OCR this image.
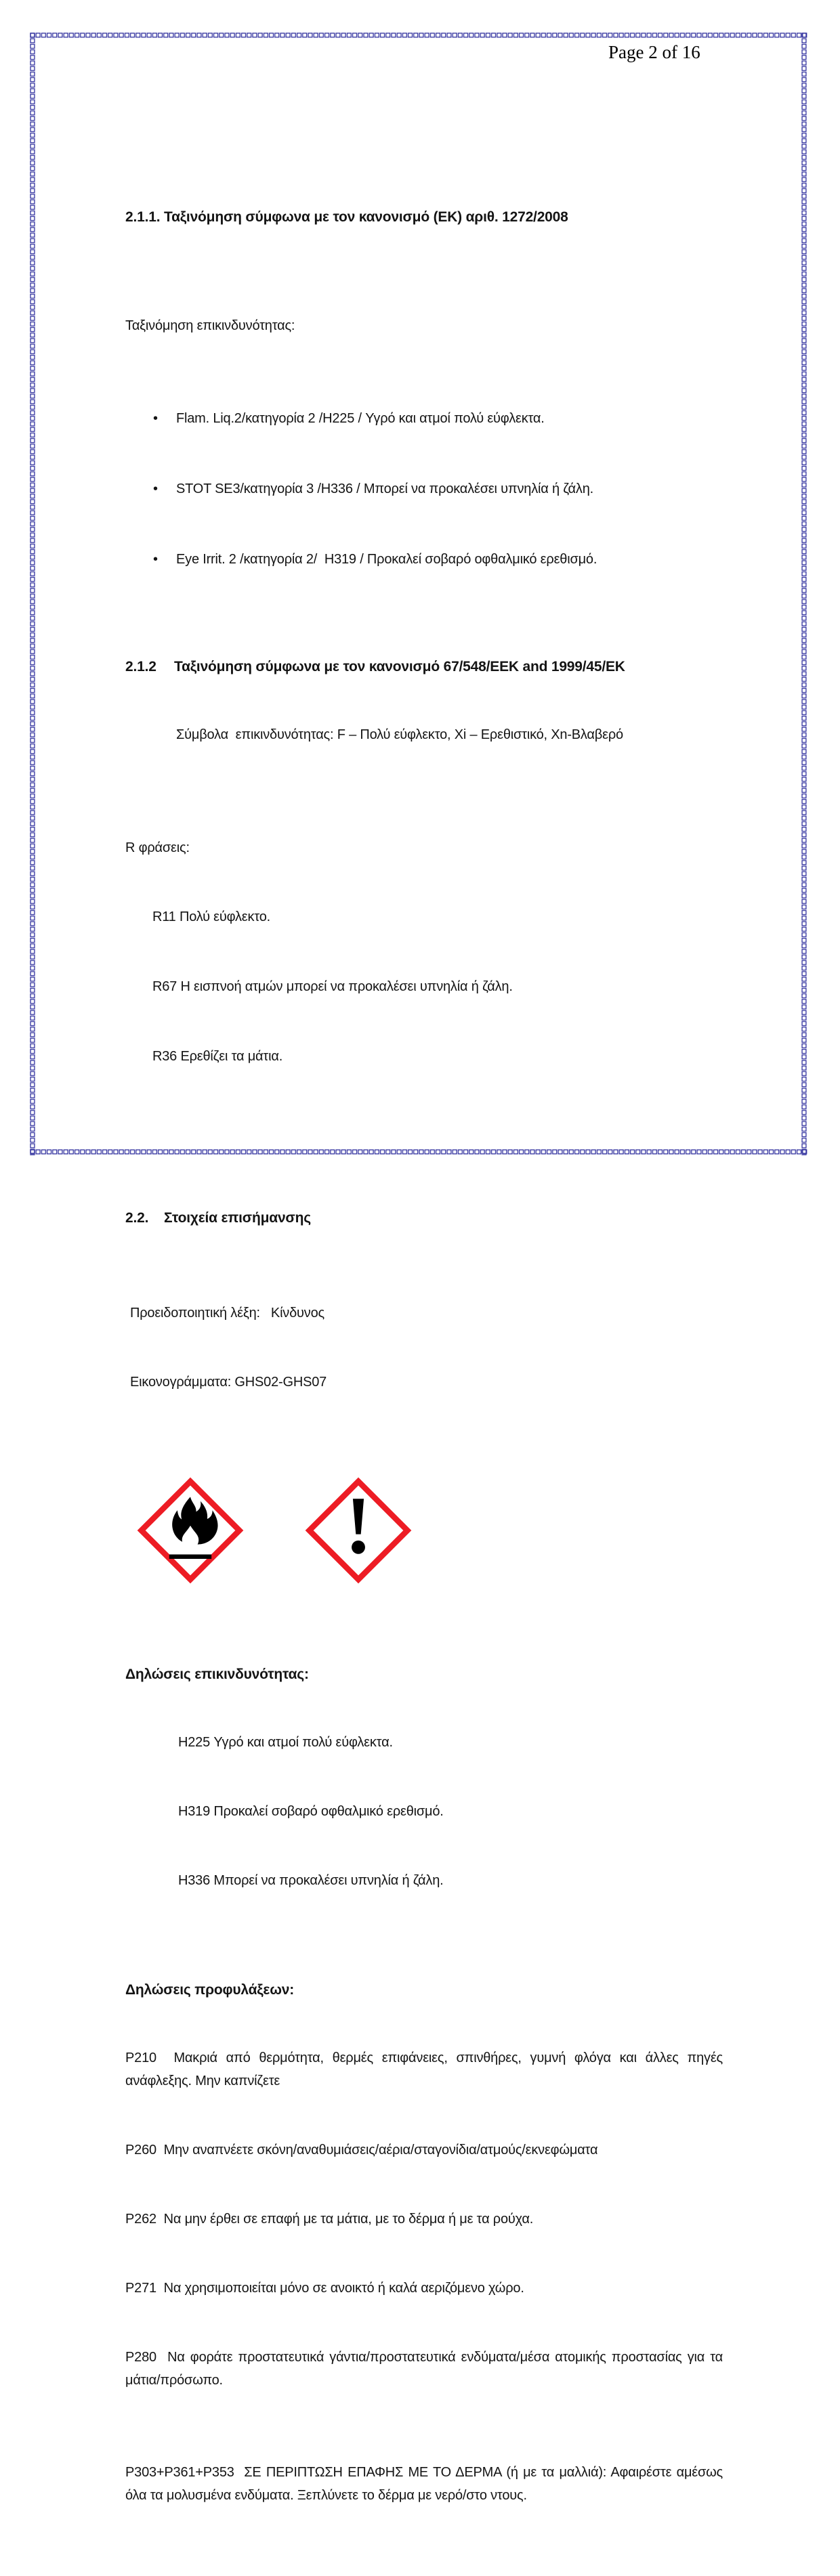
Page 2 of 16

2.1.1. Ταξινόμηση σύμφωνα με τον κανονισμό (ΕΚ) αριθ. 1272/2008

Ταξινόμηση επικινδυνότητας:

• Flam. Liq.2/κατηγορία 2 /H225 / Υγρό και ατμοί πολύ εύφλεκτα.

• STOT SE3/κατηγορία 3 /H336 / Μπορεί να προκαλέσει υπνηλία ή ζάλη.

• Eye Irrit. 2 /κατηγορία 2/  H319 / Προκαλεί σοβαρό οφθαλμικό ερεθισμό.

2.1.2 Ταξινόμηση σύμφωνα με τον κανονισμό 67/548/ΕΕΚ and 1999/45/ΕΚ

Σύμβολα  επικινδυνότητας: F – Πολύ εύφλεκτο, Xi – Ερεθιστικό, Xn-Βλαβερό

R φράσεις:

R11 Πολύ εύφλεκτο.

R67 Η εισπνοή ατμών μπορεί να προκαλέσει υπνηλία ή ζάλη.

R36 Ερεθίζει τα μάτια.

2.2. Στοιχεία επισήμανσης

Προειδοποιητική λέξη:   Κίνδυνος

Εικονογράμματα: GHS02-GHS07

Δηλώσεις επικινδυνότητας:

H225 Υγρό και ατμοί πολύ εύφλεκτα.

H319 Προκαλεί σοβαρό οφθαλμικό ερεθισμό.

H336 Μπορεί να προκαλέσει υπνηλία ή ζάλη.

Δηλώσεις προφυλάξεων:

P210  Μακριά από θερμότητα, θερμές επιφάνειες, σπινθήρες, γυμνή φλόγα και άλλες πηγές ανάφλεξης. Μην καπνίζετε

P260  Μην αναπνέετε σκόνη/αναθυμιάσεις/αέρια/σταγονίδια/ατμούς/εκνεφώματα

P262  Να μην έρθει σε επαφή με τα μάτια, με το δέρμα ή με τα ρούχα.

P271  Να χρησιμοποιείται μόνο σε ανοικτό ή καλά αεριζόμενο χώρο.

P280  Να φοράτε προστατευτικά γάντια/προστατευτικά ενδύματα/μέσα ατομικής προστασίας για τα μάτια/πρόσωπο.

P303+P361+P353  ΣΕ ΠΕΡΙΠΤΩΣΗ ΕΠΑΦΗΣ ΜΕ ΤΟ ΔΕΡΜΑ (ή με τα μαλλιά): Αφαιρέστε αμέσως όλα τα μολυσμένα ενδύματα. Ξεπλύνετε το δέρμα με νερό/στο ντους.
